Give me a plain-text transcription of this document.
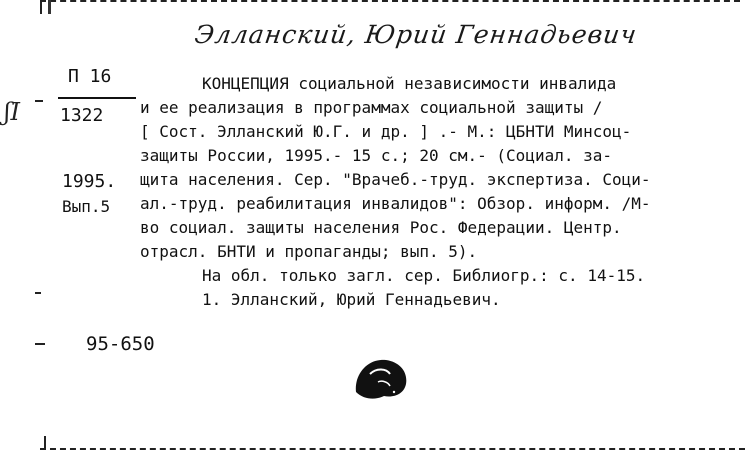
ʃI
Элланский, Юрий Геннадьевич
П 16
1322
1995.
Вып.5
КОНЦЕПЦИЯ социальной независимости инвалида
и ее реализация в программах социальной защиты /
[ Сост. Элланский Ю.Г. и др. ] .- М.: ЦБНТИ Минсоц-
защиты России, 1995.- 15 с.; 20 см.- (Социал. за-
щита населения. Сер. "Врачеб.-труд. экспертиза. Соци-
ал.-труд. реабилитация инвалидов": Обзор. информ. /М-
во социал. защиты населения Рос. Федерации. Центр.
отрасл. БНТИ и пропаганды; вып. 5).
На обл. только загл. сер. Библиогр.: с. 14-15.
1. Элланский, Юрий Геннадьевич.
95-650
